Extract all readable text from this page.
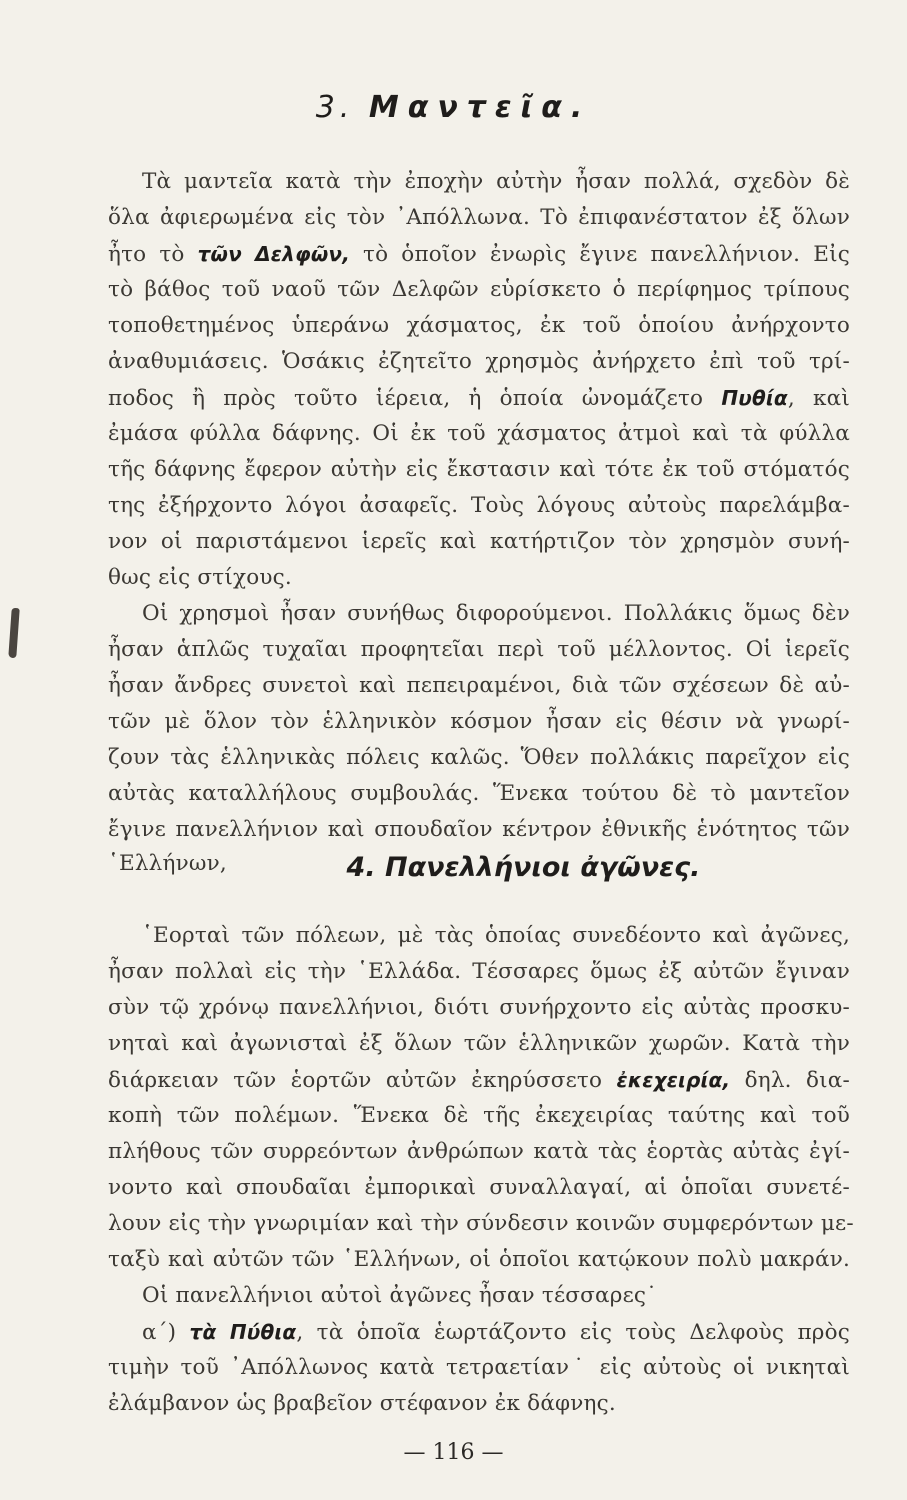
3. Μαντεῖα.
Τὰ μαντεῖα κατὰ τὴν ἐποχὴν αὐτὴν ἦσαν πολλά, σχεδὸν δὲ
ὅλα ἀφιερωμένα εἰς τὸν ᾿Απόλλωνα. Τὸ ἐπιφανέστατον ἐξ ὅλων
ἦτο τὸ τῶν Δελφῶν, τὸ ὁποῖον ἐνωρὶς ἔγινε πανελλήνιον. Εἰς
τὸ βάθος τοῦ ναοῦ τῶν Δελφῶν εὑρίσκετο ὁ περίφημος τρίπους
τοποθετημένος ὑπεράνω χάσματος, ἐκ τοῦ ὁποίου ἀνήρχοντο
ἀναθυμιάσεις. Ὁσάκις ἐζητεῖτο χρησμὸς ἀνήρχετο ἐπὶ τοῦ τρί-
ποδος ἢ πρὸς τοῦτο ἱέρεια, ἡ ὁποία ὠνομάζετο Πυθία, καὶ
ἐμάσα φύλλα δάφνης. Οἱ ἐκ τοῦ χάσματος ἀτμοὶ καὶ τὰ φύλλα
τῆς δάφνης ἔφερον αὐτὴν εἰς ἔκστασιν καὶ τότε ἐκ τοῦ στόματός
της ἐξήρχοντο λόγοι ἀσαφεῖς. Τοὺς λόγους αὐτοὺς παρελάμβα-
νον οἱ παριστάμενοι ἱερεῖς καὶ κατήρτιζον τὸν χρησμὸν συνή-
θως εἰς στίχους.
Οἱ χρησμοὶ ἦσαν συνήθως διφορούμενοι. Πολλάκις ὅμως δὲν
ἦσαν ἁπλῶς τυχαῖαι προφητεῖαι περὶ τοῦ μέλλοντος. Οἱ ἱερεῖς
ἦσαν ἄνδρες συνετοὶ καὶ πεπειραμένοι, διὰ τῶν σχέσεων δὲ αὐ-
τῶν μὲ ὅλον τὸν ἑλληνικὸν κόσμον ἦσαν εἰς θέσιν νὰ γνωρί-
ζουν τὰς ἑλληνικὰς πόλεις καλῶς. Ὅθεν πολλάκις παρεῖχον εἰς
αὐτὰς καταλλήλους συμβουλάς. Ἕνεκα τούτου δὲ τὸ μαντεῖον
ἔγινε πανελλήνιον καὶ σπουδαῖον κέντρον ἐθνικῆς ἑνότητος τῶν
῾Ελλήνων,	4. Πανελλήνιοι ἀγῶνες.
῾Εορταὶ τῶν πόλεων, μὲ τὰς ὁποίας συνεδέοντο καὶ ἀγῶνες,
ἦσαν πολλαὶ εἰς τὴν ῾Ελλάδα. Τέσσαρες ὅμως ἐξ αὐτῶν ἔγιναν
σὺν τῷ χρόνῳ πανελλήνιοι, διότι συνήρχοντο εἰς αὐτὰς προσκυ-
νηταὶ καὶ ἀγωνισταὶ ἐξ ὅλων τῶν ἑλληνικῶν χωρῶν. Κατὰ τὴν
διάρκειαν τῶν ἑορτῶν αὐτῶν ἐκηρύσσετο ἐκεχειρία, δηλ. δια-
κοπὴ τῶν πολέμων. Ἕνεκα δὲ τῆς ἐκεχειρίας ταύτης καὶ τοῦ
πλήθους τῶν συρρεόντων ἀνθρώπων κατὰ τὰς ἑορτὰς αὐτὰς ἐγί-
νοντο καὶ σπουδαῖαι ἐμπορικαὶ συναλλαγαί, αἱ ὁποῖαι συνετέ-
λουν εἰς τὴν γνωριμίαν καὶ τὴν σύνδεσιν κοινῶν συμφερόντων με-
ταξὺ καὶ αὐτῶν τῶν ῾Ελλήνων, οἱ ὁποῖοι κατῴκουν πολὺ μακράν.
Οἱ πανελλήνιοι αὐτοὶ ἀγῶνες ἦσαν τέσσαρες˙
α΄) τὰ Πύθια, τὰ ὁποῖα ἑωρτάζοντο εἰς τοὺς Δελφοὺς πρὸς
τιμὴν τοῦ ᾿Απόλλωνος κατὰ τετραετίαν˙ εἰς αὐτοὺς οἱ νικηταὶ
ἐλάμβανον ὡς βραβεῖον στέφανον ἐκ δάφνης.
— 116 —
